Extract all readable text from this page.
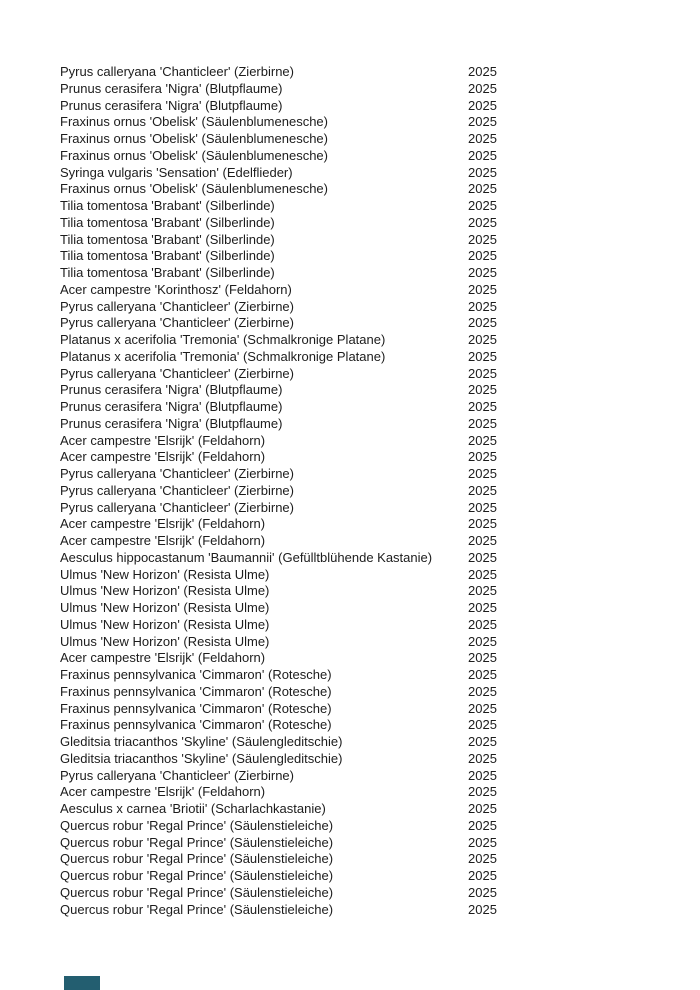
Pyrus calleryana 'Chanticleer' (Zierbirne)	2025
Prunus cerasifera 'Nigra' (Blutpflaume)	2025
Prunus cerasifera 'Nigra' (Blutpflaume)	2025
Fraxinus ornus 'Obelisk' (Säulenblumenesche)	2025
Fraxinus ornus 'Obelisk' (Säulenblumenesche)	2025
Fraxinus ornus 'Obelisk' (Säulenblumenesche)	2025
Syringa vulgaris 'Sensation' (Edelflieder)	2025
Fraxinus ornus 'Obelisk' (Säulenblumenesche)	2025
Tilia tomentosa 'Brabant' (Silberlinde)	2025
Tilia tomentosa 'Brabant' (Silberlinde)	2025
Tilia tomentosa 'Brabant' (Silberlinde)	2025
Tilia tomentosa 'Brabant' (Silberlinde)	2025
Tilia tomentosa 'Brabant' (Silberlinde)	2025
Acer campestre 'Korinthosz' (Feldahorn)	2025
Pyrus calleryana 'Chanticleer' (Zierbirne)	2025
Pyrus calleryana 'Chanticleer' (Zierbirne)	2025
Platanus x acerifolia 'Tremonia' (Schmalkronige Platane)	2025
Platanus x acerifolia 'Tremonia' (Schmalkronige Platane)	2025
Pyrus calleryana 'Chanticleer' (Zierbirne)	2025
Prunus cerasifera 'Nigra' (Blutpflaume)	2025
Prunus cerasifera 'Nigra' (Blutpflaume)	2025
Prunus cerasifera 'Nigra' (Blutpflaume)	2025
Acer campestre 'Elsrijk' (Feldahorn)	2025
Acer campestre 'Elsrijk' (Feldahorn)	2025
Pyrus calleryana 'Chanticleer' (Zierbirne)	2025
Pyrus calleryana 'Chanticleer' (Zierbirne)	2025
Pyrus calleryana 'Chanticleer' (Zierbirne)	2025
Acer campestre 'Elsrijk' (Feldahorn)	2025
Acer campestre 'Elsrijk' (Feldahorn)	2025
Aesculus hippocastanum 'Baumannii' (Gefülltblühende Kastanie)	2025
Ulmus 'New Horizon' (Resista Ulme)	2025
Ulmus 'New Horizon' (Resista Ulme)	2025
Ulmus 'New Horizon' (Resista Ulme)	2025
Ulmus 'New Horizon' (Resista Ulme)	2025
Ulmus 'New Horizon' (Resista Ulme)	2025
Acer campestre 'Elsrijk' (Feldahorn)	2025
Fraxinus pennsylvanica 'Cimmaron' (Rotesche)	2025
Fraxinus pennsylvanica 'Cimmaron' (Rotesche)	2025
Fraxinus pennsylvanica 'Cimmaron' (Rotesche)	2025
Fraxinus pennsylvanica 'Cimmaron' (Rotesche)	2025
Gleditsia triacanthos 'Skyline' (Säulengleditschie)	2025
Gleditsia triacanthos 'Skyline' (Säulengleditschie)	2025
Pyrus calleryana 'Chanticleer' (Zierbirne)	2025
Acer campestre 'Elsrijk' (Feldahorn)	2025
Aesculus x carnea 'Briotii' (Scharlachkastanie)	2025
Quercus robur 'Regal Prince' (Säulenstieleiche)	2025
Quercus robur 'Regal Prince' (Säulenstieleiche)	2025
Quercus robur 'Regal Prince' (Säulenstieleiche)	2025
Quercus robur 'Regal Prince' (Säulenstieleiche)	2025
Quercus robur 'Regal Prince' (Säulenstieleiche)	2025
Quercus robur 'Regal Prince' (Säulenstieleiche)	2025
